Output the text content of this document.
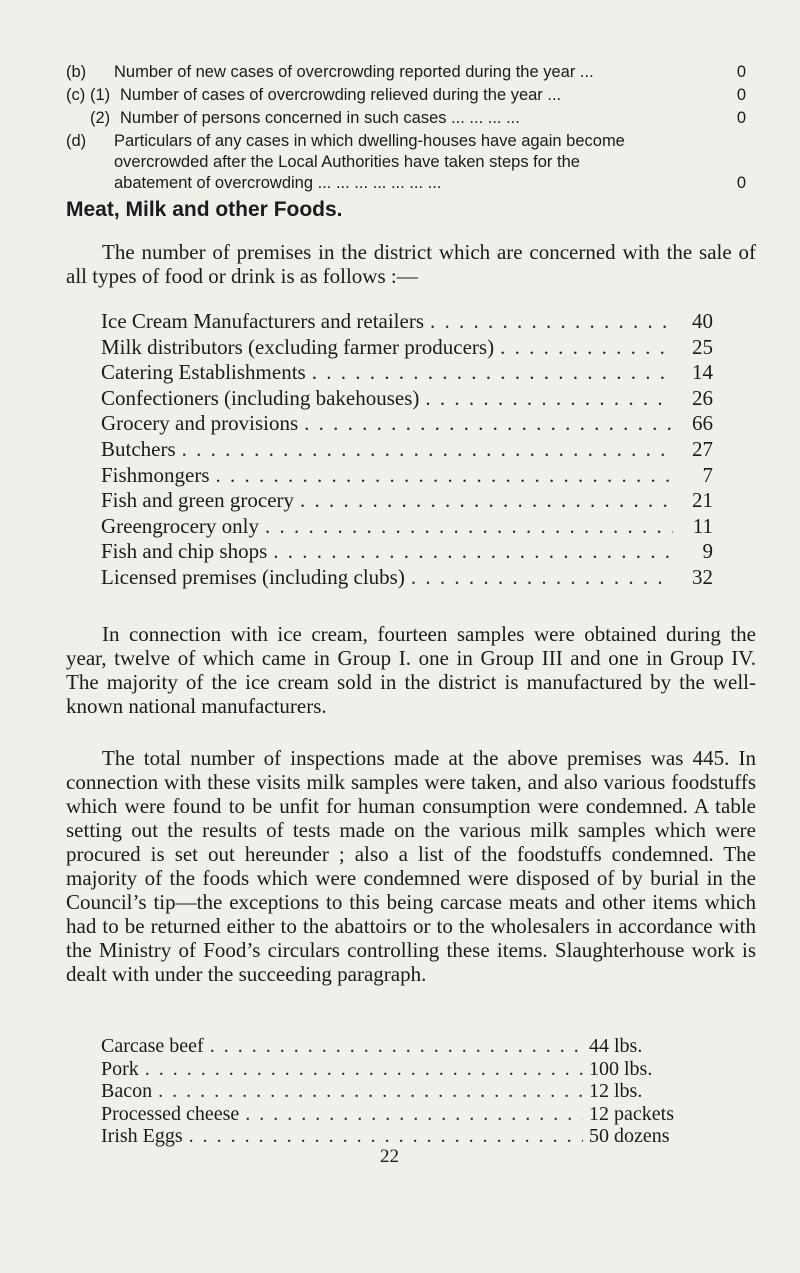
(b)	Number of new cases of overcrowding reported during the year ...	0
(c) (1) Number of cases of overcrowding relieved during the year ...	0
(2) Number of persons concerned in such cases ... ... ... ...	0
(d)	Particulars of any cases in which dwelling-houses have again become
overcrowded after the Local Authorities have taken steps for the
abatement of overcrowding ... ... ... ... ... ... ...	0
Meat, Milk and other Foods.

The number of premises in the district which are concerned with the sale of all types of food or drink is as follows :—

Ice Cream Manufacturers and retailers . . .	40
Milk distributors (excluding farmer producers) . . .	25
Catering Establishments . . .	14
Confectioners (including bakehouses) . . .	26
Grocery and provisions . . .	66
Butchers . . .	27
Fishmongers . . .	7
Fish and green grocery . . .	21
Greengrocery only . . .	11
Fish and chip shops . . .	9
Licensed premises (including clubs) . . .	32

In connection with ice cream, fourteen samples were obtained during the year, twelve of which came in Group I. one in Group III and one in Group IV. The majority of the ice cream sold in the district is manufactured by the well-known national manufacturers.

The total number of inspections made at the above premises was 445. In connection with these visits milk samples were taken, and also various foodstuffs which were found to be unfit for human consumption were condemned. A table setting out the results of tests made on the various milk samples which were procured is set out hereunder ; also a list of the foodstuffs condemned. The majority of the foods which were condemned were disposed of by burial in the Council’s tip—the exceptions to this being carcase meats and other items which had to be returned either to the abattoirs or to the wholesalers in accordance with the Ministry of Food’s circulars controlling these items. Slaughterhouse work is dealt with under the succeeding paragraph.

Carcase beef . . .	44 lbs.
Pork . . .	100 lbs.
Bacon . . .	12 lbs.
Processed cheese . . .	12 packets
Irish Eggs . . .	50 dozens
22
